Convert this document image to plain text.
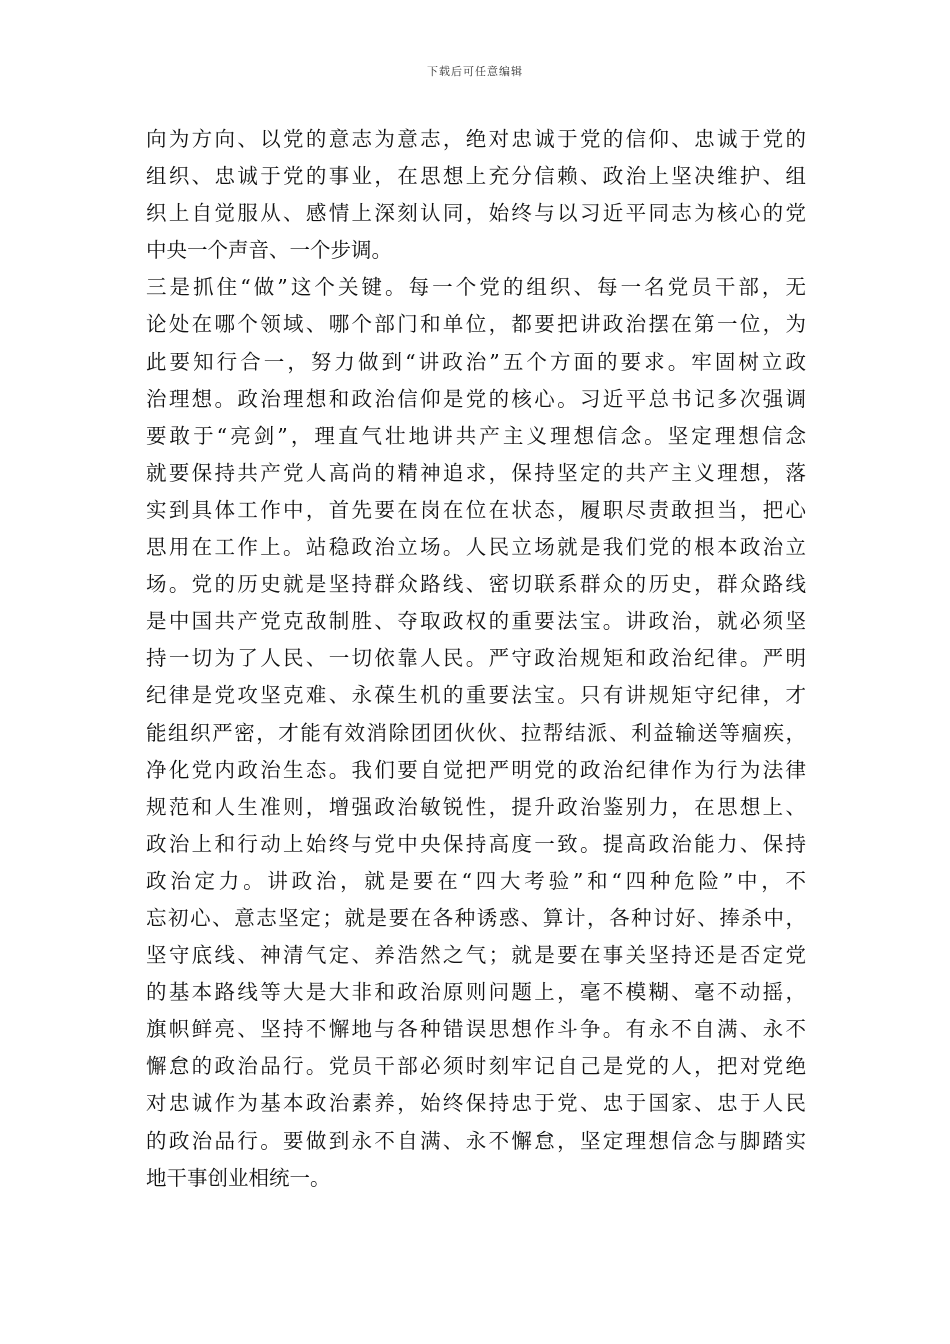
下载后可任意编辑
向为方向、以党的意志为意志，绝对忠诚于党的信仰、忠诚于党的
组织、忠诚于党的事业，在思想上充分信赖、政治上坚决维护、组
织上自觉服从、感情上深刻认同，始终与以习近平同志为核心的党
中央一个声音、一个步调。
三是抓住“做”这个关键。每一个党的组织、每一名党员干部，无
论处在哪个领域、哪个部门和单位，都要把讲政治摆在第一位，为
此要知行合一，努力做到“讲政治”五个方面的要求。牢固树立政
治理想。政治理想和政治信仰是党的核心。习近平总书记多次强调
要敢于“亮剑”，理直气壮地讲共产主义理想信念。坚定理想信念
就要保持共产党人高尚的精神追求，保持坚定的共产主义理想，落
实到具体工作中，首先要在岗在位在状态，履职尽责敢担当，把心
思用在工作上。站稳政治立场。人民立场就是我们党的根本政治立
场。党的历史就是坚持群众路线、密切联系群众的历史，群众路线
是中国共产党克敌制胜、夺取政权的重要法宝。讲政治，就必须坚
持一切为了人民、一切依靠人民。严守政治规矩和政治纪律。严明
纪律是党攻坚克难、永葆生机的重要法宝。只有讲规矩守纪律，才
能组织严密，才能有效消除团团伙伙、拉帮结派、利益输送等痼疾，
净化党内政治生态。我们要自觉把严明党的政治纪律作为行为法律
规范和人生准则，增强政治敏锐性，提升政治鉴别力，在思想上、
政治上和行动上始终与党中央保持高度一致。提高政治能力、保持
政治定力。讲政治，就是要在“四大考验”和“四种危险”中，不
忘初心、意志坚定；就是要在各种诱惑、算计，各种讨好、捧杀中，
坚守底线、神清气定、养浩然之气；就是要在事关坚持还是否定党
的基本路线等大是大非和政治原则问题上，毫不模糊、毫不动摇，
旗帜鲜亮、坚持不懈地与各种错误思想作斗争。有永不自满、永不
懈怠的政治品行。党员干部必须时刻牢记自己是党的人，把对党绝
对忠诚作为基本政治素养，始终保持忠于党、忠于国家、忠于人民
的政治品行。要做到永不自满、永不懈怠，坚定理想信念与脚踏实
地干事创业相统一。
